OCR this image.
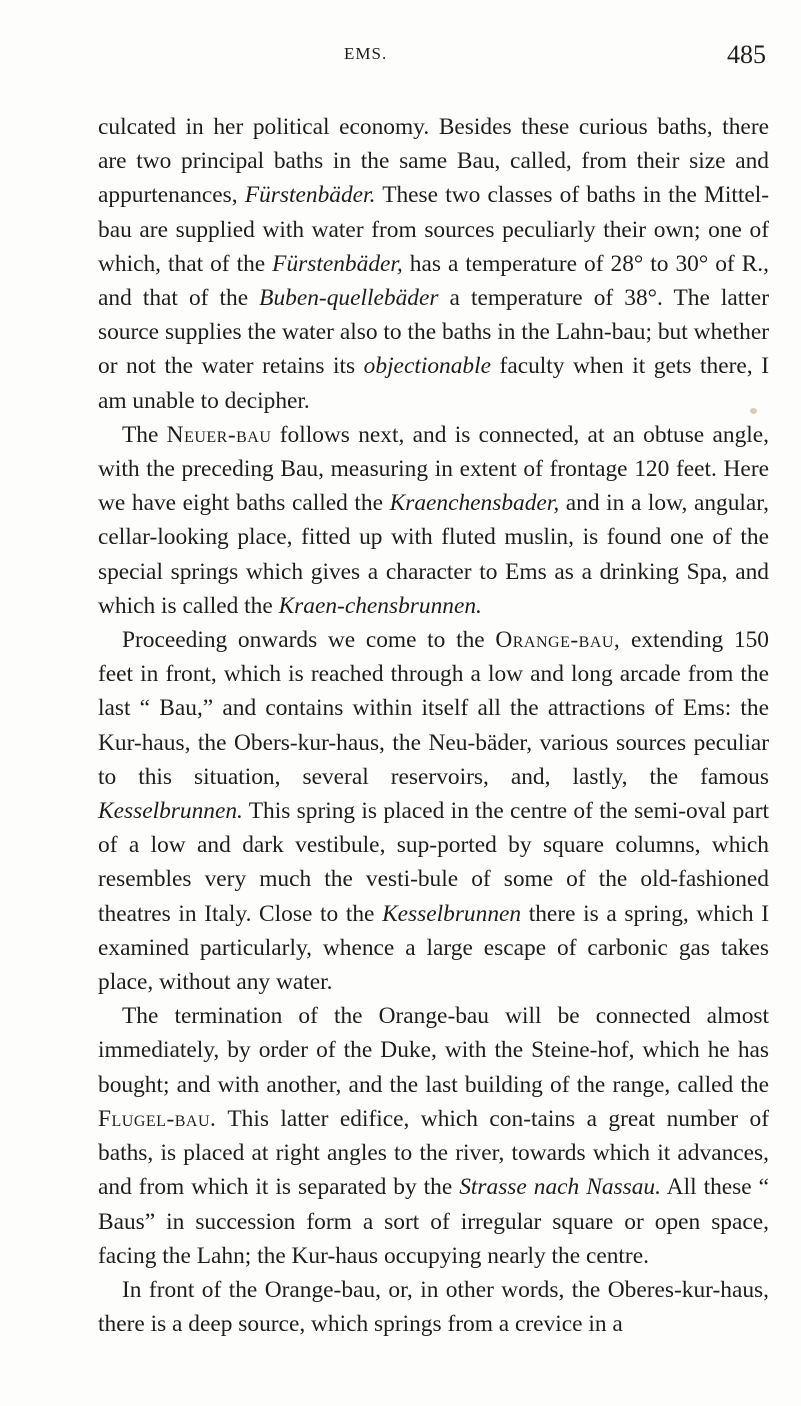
EMS.	485

culcated in her political economy. Besides these curious baths, there are two principal baths in the same Bau, called, from their size and appurtenances, Fürstenbäder. These two classes of baths in the Mittel-bau are supplied with water from sources peculiarly their own; one of which, that of the Fürstenbäder, has a temperature of 28° to 30° of R., and that of the Buben-quellebäder a temperature of 38°. The latter source supplies the water also to the baths in the Lahn-bau; but whether or not the water retains its objectionable faculty when it gets there, I am unable to decipher.

The Neuer-bau follows next, and is connected, at an obtuse angle, with the preceding Bau, measuring in extent of frontage 120 feet. Here we have eight baths called the Kraenchensbader, and in a low, angular, cellar-looking place, fitted up with fluted muslin, is found one of the special springs which gives a character to Ems as a drinking Spa, and which is called the Kraen-chensbrunnen.

Proceeding onwards we come to the Orange-bau, extending 150 feet in front, which is reached through a low and long arcade from the last “ Bau,” and contains within itself all the attractions of Ems: the Kur-haus, the Obers-kur-haus, the Neu-bäder, various sources peculiar to this situation, several reservoirs, and, lastly, the famous Kesselbrunnen. This spring is placed in the centre of the semi-oval part of a low and dark vestibule, sup-ported by square columns, which resembles very much the vesti-bule of some of the old-fashioned theatres in Italy. Close to the Kesselbrunnen there is a spring, which I examined particularly, whence a large escape of carbonic gas takes place, without any water.

The termination of the Orange-bau will be connected almost immediately, by order of the Duke, with the Steine-hof, which he has bought; and with another, and the last building of the range, called the Flugel-bau. This latter edifice, which con-tains a great number of baths, is placed at right angles to the river, towards which it advances, and from which it is separated by the Strasse nach Nassau. All these “ Baus” in succession form a sort of irregular square or open space, facing the Lahn; the Kur-haus occupying nearly the centre.

In front of the Orange-bau, or, in other words, the Oberes-kur-haus, there is a deep source, which springs from a crevice in a
